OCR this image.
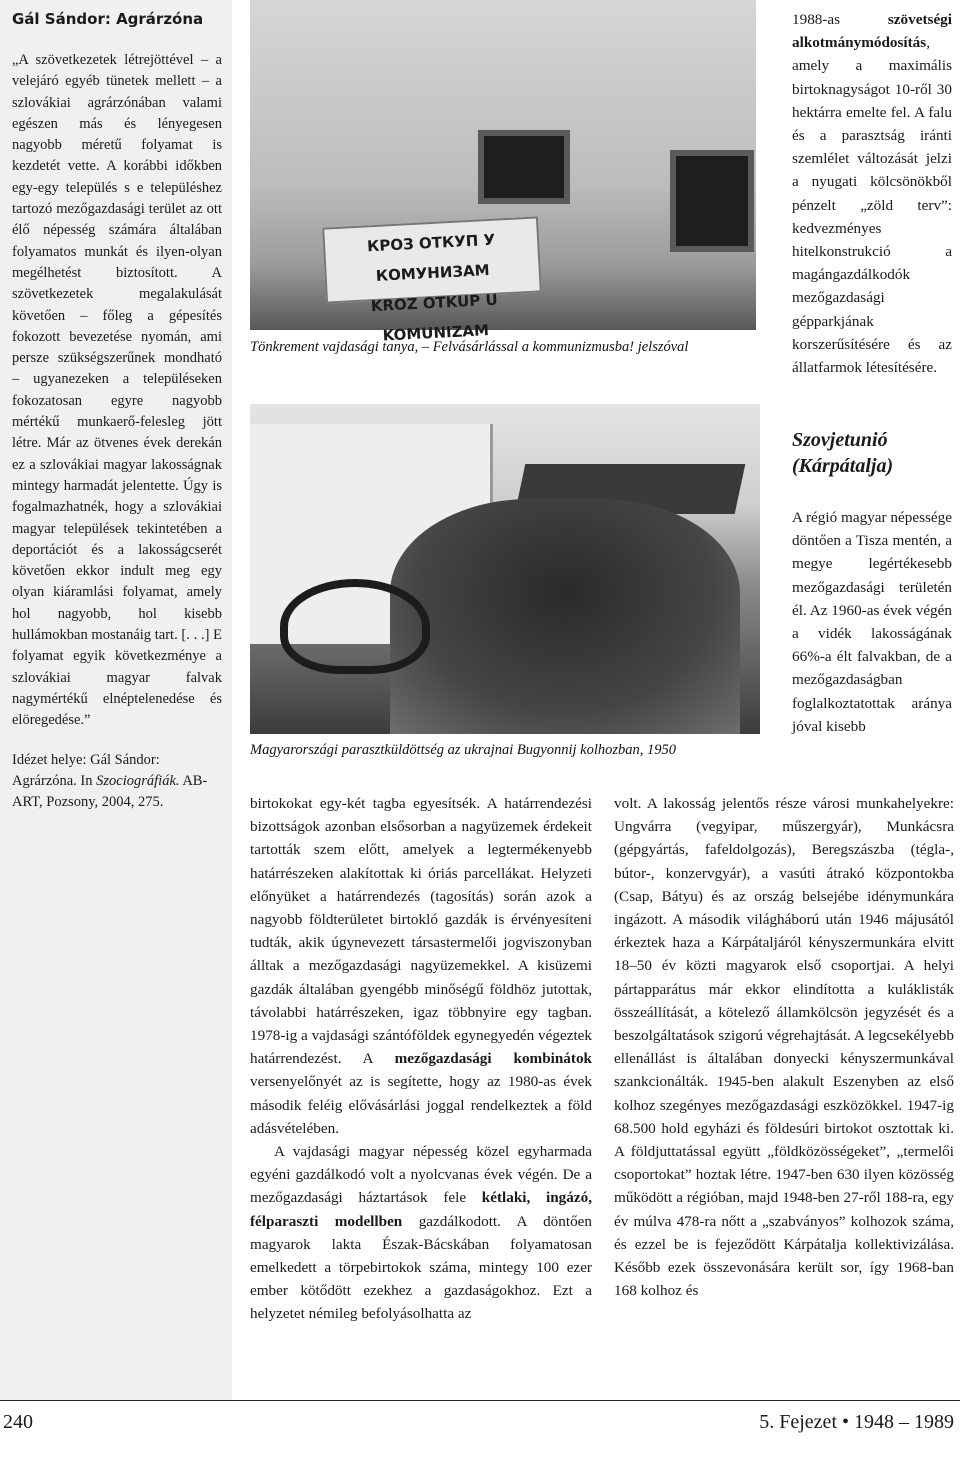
Gál Sándor: Agrárzóna

„A szövetkezetek létrejöttével – a velejáró egyéb tünetek mellett – a szlovákiai agrárzónában valami egészen más és lényegesen nagyobb méretű folyamat is kezdetét vette. A korábbi időkben egy-egy település s e településhez tartozó mezőgazdasági terület az ott élő népesség számára általában folyamatos munkát és ilyen-olyan megélhetést biztosított. A szövetkezetek megalakulását követően – főleg a gépesítés fokozott bevezetése nyomán, ami persze szükségszerűnek mondható – ugyanezeken a településeken fokozatosan egyre nagyobb mértékű munkaerő-felesleg jött létre. Már az ötvenes évek derekán ez a szlovákiai magyar lakosságnak mintegy harmadát jelentette. Úgy is fogalmazhatnék, hogy a szlovákiai magyar települések tekintetében a deportációt és a lakosságcserét követően ekkor indult meg egy olyan kiáramlási folyamat, amely hol nagyobb, hol kisebb hullámokban mostanáig tart. [. . .] E folyamat egyik következménye a szlovákiai magyar falvak nagymértékű elnéptelenedése és elöregedése.”

Idézet helye: Gál Sándor: Agrárzóna. In Szociográfiák. AB-ART, Pozsony, 2004, 275.
КРОЗ ОТКУП У КОМУНИЗАМ
KROZ OTKUP U KOMUNIZAM
Tönkrement vajdasági tanya, – Felvásárlással a kommunizmusba! jelszóval
Magyarországi parasztküldöttség az ukrajnai Bugyonnij kolhozban, 1950

1988-as szövetségi alkotmánymódosítás, amely a maximális birtoknagyságot 10-ről 30 hektárra emelte fel. A falu és a parasztság iránti szemlélet változását jelzi a nyugati kölcsönökből pénzelt „zöld terv”: kedvezményes hitelkonstrukció a magángazdálkodók mezőgazdasági gépparkjának korszerűsítésére és az állatfarmok létesítésére.

Szovjetunió (Kárpátalja)

A régió magyar népessége döntően a Tisza mentén, a megye legértékesebb mezőgazdasági területén él. Az 1960-as évek végén a vidék lakosságának 66%-a élt falvakban, de a mezőgazdaságban foglalkoztatottak aránya jóval kisebb

birtokokat egy-két tagba egyesítsék. A határrendezési bizottságok azonban elsősorban a nagyüzemek érdekeit tartották szem előtt, amelyek a legtermékenyebb határrészeken alakítottak ki óriás parcellákat. Helyzeti előnyüket a határrendezés (tagosítás) során azok a nagyobb földterületet birtokló gazdák is érvényesíteni tudták, akik úgynevezett társastermelői jogviszonyban álltak a mezőgazdasági nagyüzemekkel. A kisüzemi gazdák általában gyengébb minőségű földhöz jutottak, távolabbi határrészeken, igaz többnyire egy tagban. 1978-ig a vajdasági szántóföldek egynegyedén végeztek határrendezést. A mezőgazdasági kombinátok versenyelőnyét az is segítette, hogy az 1980-as évek második feléig elővásárlási joggal rendelkeztek a föld adásvételében.

A vajdasági magyar népesség közel egyharmada egyéni gazdálkodó volt a nyolcvanas évek végén. De a mezőgazdasági háztartások fele kétlaki, ingázó, félparaszti modellben gazdálkodott. A döntően magyarok lakta Észak-Bácskában folyamatosan emelkedett a törpebirtokok száma, mintegy 100 ezer ember kötődött ezekhez a gazdaságokhoz. Ezt a helyzetet némileg befolyásolhatta az

volt. A lakosság jelentős része városi munkahelyekre: Ungvárra (vegyipar, műszergyár), Munkácsra (gépgyártás, fafeldolgozás), Beregszászba (tégla-, bútor-, konzervgyár), a vasúti átrakó központokba (Csap, Bátyu) és az ország belsejébe idénymunkára ingázott. A második világháború után 1946 májusától érkeztek haza a Kárpátaljáról kényszermunkára elvitt 18–50 év közti magyarok első csoportjai. A helyi pártapparátus már ekkor elindította a kuláklisták összeállítását, a kötelező államkölcsön jegyzését és a beszolgáltatások szigorú végrehajtását. A legcsekélyebb ellenállást is általában donyecki kényszermunkával szankcionálták. 1945-ben alakult Eszenyben az első kolhoz szegényes mezőgazdasági eszközökkel. 1947-ig 68.500 hold egyházi és földesúri birtokot osztottak ki. A földjuttatással együtt „földközösségeket”, „termelői csoportokat” hoztak létre. 1947-ben 630 ilyen közösség működött a régióban, majd 1948-ben 27-ről 188-ra, egy év múlva 478-ra nőtt a „szabványos” kolhozok száma, és ezzel be is fejeződött Kárpátalja kollektivizálása. Később ezek összevonására került sor, így 1968-ban 168 kolhoz és

240	5. Fejezet • 1948 – 1989
